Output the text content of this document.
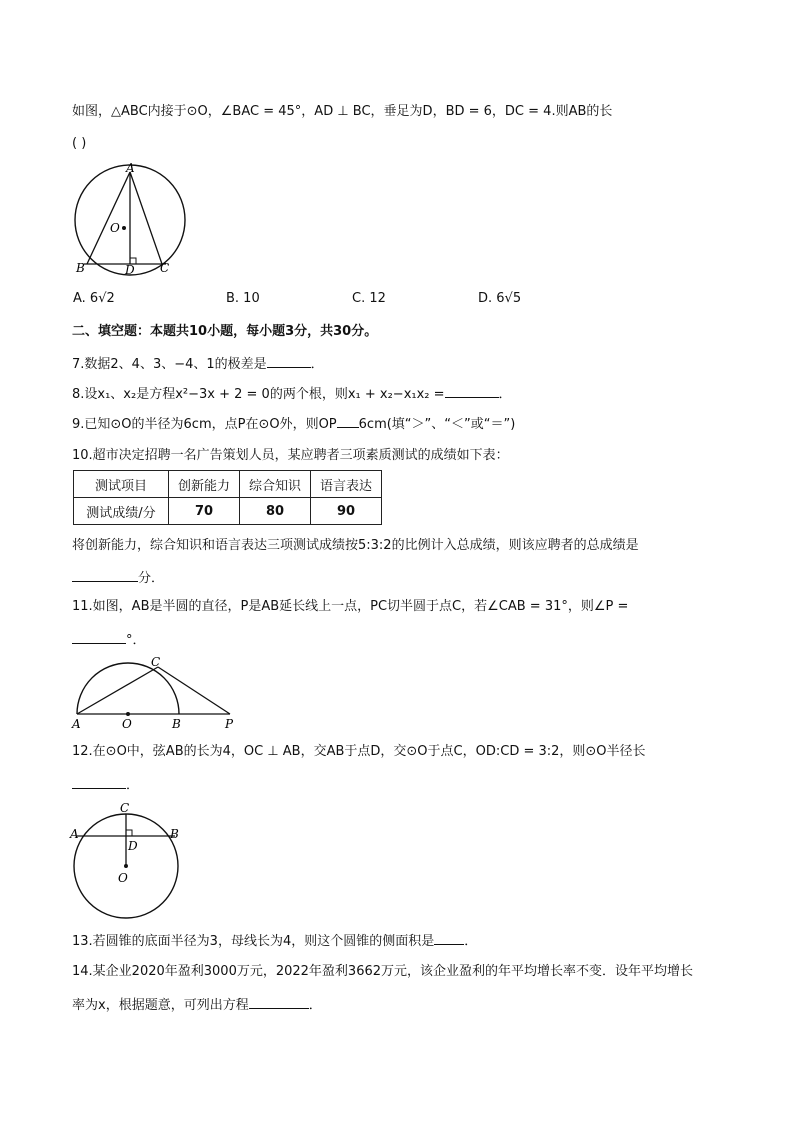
如图，△ABC内接于⊙O，∠BAC = 45°，AD ⊥ BC，垂足为D，BD = 6，DC = 4.则AB的长
( )
A
O
B	D C
A. 6√2	B. 10	C. 12	D. 6√5
二、填空题：本题共10小题，每小题3分，共30分。
7.数据2、4、3、−4、1的极差是	．
8.设x₁、x₂是方程x²−3x + 2 = 0的两个根，则x₁ + x₂−x₁x₂ =	．
9.已知⊙O的半径为6cm，点P在⊙O外，则OP 6cm(填“＞”、“＜”或“＝”)
10.超市决定招聘一名广告策划人员，某应聘者三项素质测试的成绩如下表：
测试项目	创新能力	综合知识	语言表达
测试成绩/分	70	80	90
将创新能力，综合知识和语言表达三项测试成绩按5:3:2的比例计入总成绩，则该应聘者的总成绩是
分．
11.如图，AB是半圆的直径，P是AB延长线上一点，PC切半圆于点C，若∠CAB = 31°，则∠P =
°．
C
A	O	B	P
12.在⊙O中，弦AB的长为4，OC ⊥ AB，交AB于点D，交⊙O于点C，OD:CD = 3:2，则⊙O半径长
．
C
A	B
D
O
13.若圆锥的底面半径为3，母线长为4，则这个圆锥的侧面积是 ．
14.某企业2020年盈利3000万元，2022年盈利3662万元，该企业盈利的年平均增长率不变．设年平均增长
率为x，根据题意，可列出方程	．
